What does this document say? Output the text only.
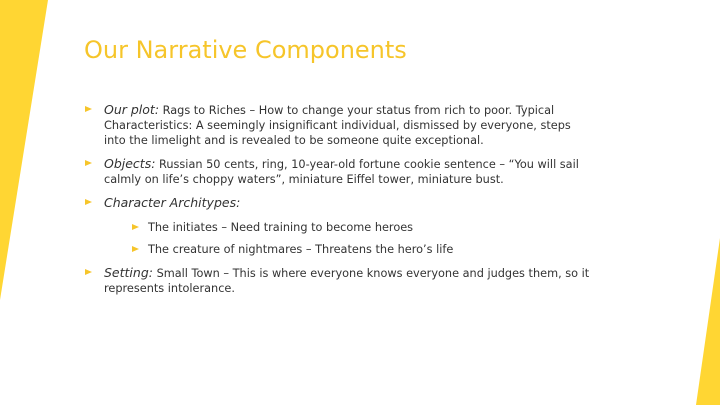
Our Narrative Components
Our plot: Rags to Riches – How to change your status from rich to poor. Typical Characteristics: A seemingly insignificant individual, dismissed by everyone, steps into the limelight and is revealed to be someone quite exceptional.
Objects: Russian 50 cents, ring, 10-year-old fortune cookie sentence – “You will sail calmly on life’s choppy waters”, miniature Eiffel tower, miniature bust.
Character Architypes:
The initiates – Need training to become heroes
The creature of nightmares – Threatens the hero’s life
Setting: Small Town – This is where everyone knows everyone and judges them, so it represents intolerance.
